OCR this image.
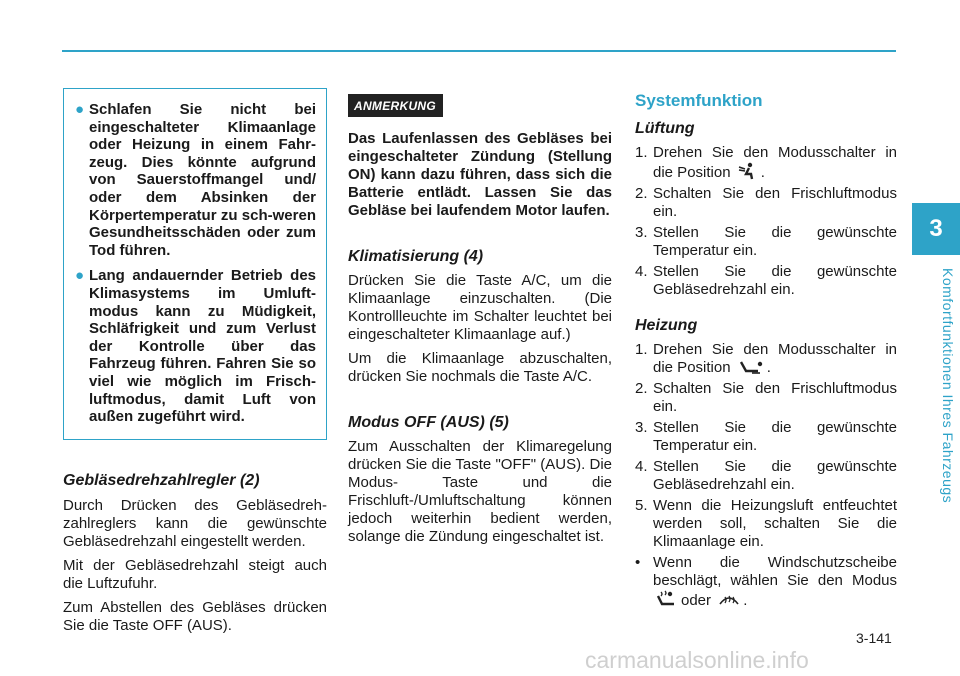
3
Komfortfunktionen Ihres Fahrzeugs
● Schlafen Sie nicht bei eingeschalteter Klimaanlage oder Heizung in einem Fahr-zeug. Dies könnte aufgrund von Sauerstoffmangel und/ oder dem Absinken der Körpertemperatur zu sch-weren Gesundheitsschäden oder zum Tod führen.
● Lang andauernder Betrieb des Klimasystems im Umluft-modus kann zu Müdigkeit, Schläfrigkeit und zum Verlust der Kontrolle über das Fahrzeug führen. Fahren Sie so viel wie möglich im Frisch-luftmodus, damit Luft von außen zugeführt wird.
Gebläsedrehzahlregler (2)

Durch Drücken des Gebläsedreh-zahlreglers kann die gewünschte Gebläsedrehzahl eingestellt werden.

Mit der Gebläsedrehzahl steigt auch die Luftzufuhr.

Zum Abstellen des Gebläses drücken Sie die Taste OFF (AUS).

ANMERKUNG

Das Laufenlassen des Gebläses bei eingeschalteter Zündung (Stellung ON) kann dazu führen, dass sich die Batterie entlädt. Lassen Sie das Gebläse bei laufendem Motor laufen.

Klimatisierung (4)

Drücken Sie die Taste A/C, um die Klimaanlage einzuschalten. (Die Kontrollleuchte im Schalter leuchtet bei eingeschalteter Klimaanlage auf.)

Um die Klimaanlage abzuschalten, drücken Sie nochmals die Taste A/C.

Modus OFF (AUS) (5)

Zum Ausschalten der Klimaregelung drücken Sie die Taste "OFF" (AUS). Die Modus- Taste und die Frischluft-/Umluftschaltung können jedoch weiterhin bedient werden, solange die Zündung eingeschaltet ist.

Systemfunktion
Lüftung
1. Drehen Sie den Modusschalter in die Position .
2. Schalten Sie den Frischluftmodus ein.
3. Stellen Sie die gewünschte Temperatur ein.
4. Stellen Sie die gewünschte Gebläsedrehzahl ein.
Heizung
1. Drehen Sie den Modusschalter in die Position .
2. Schalten Sie den Frischluftmodus ein.
3. Stellen Sie die gewünschte Temperatur ein.
4. Stellen Sie die gewünschte Gebläsedrehzahl ein.
5. Wenn die Heizungsluft entfeuchtet werden soll, schalten Sie die Klimaanlage ein.
• Wenn die Windschutzscheibe beschlägt, wählen Sie den Modus oder .
3-141
carmanualsonline.info
